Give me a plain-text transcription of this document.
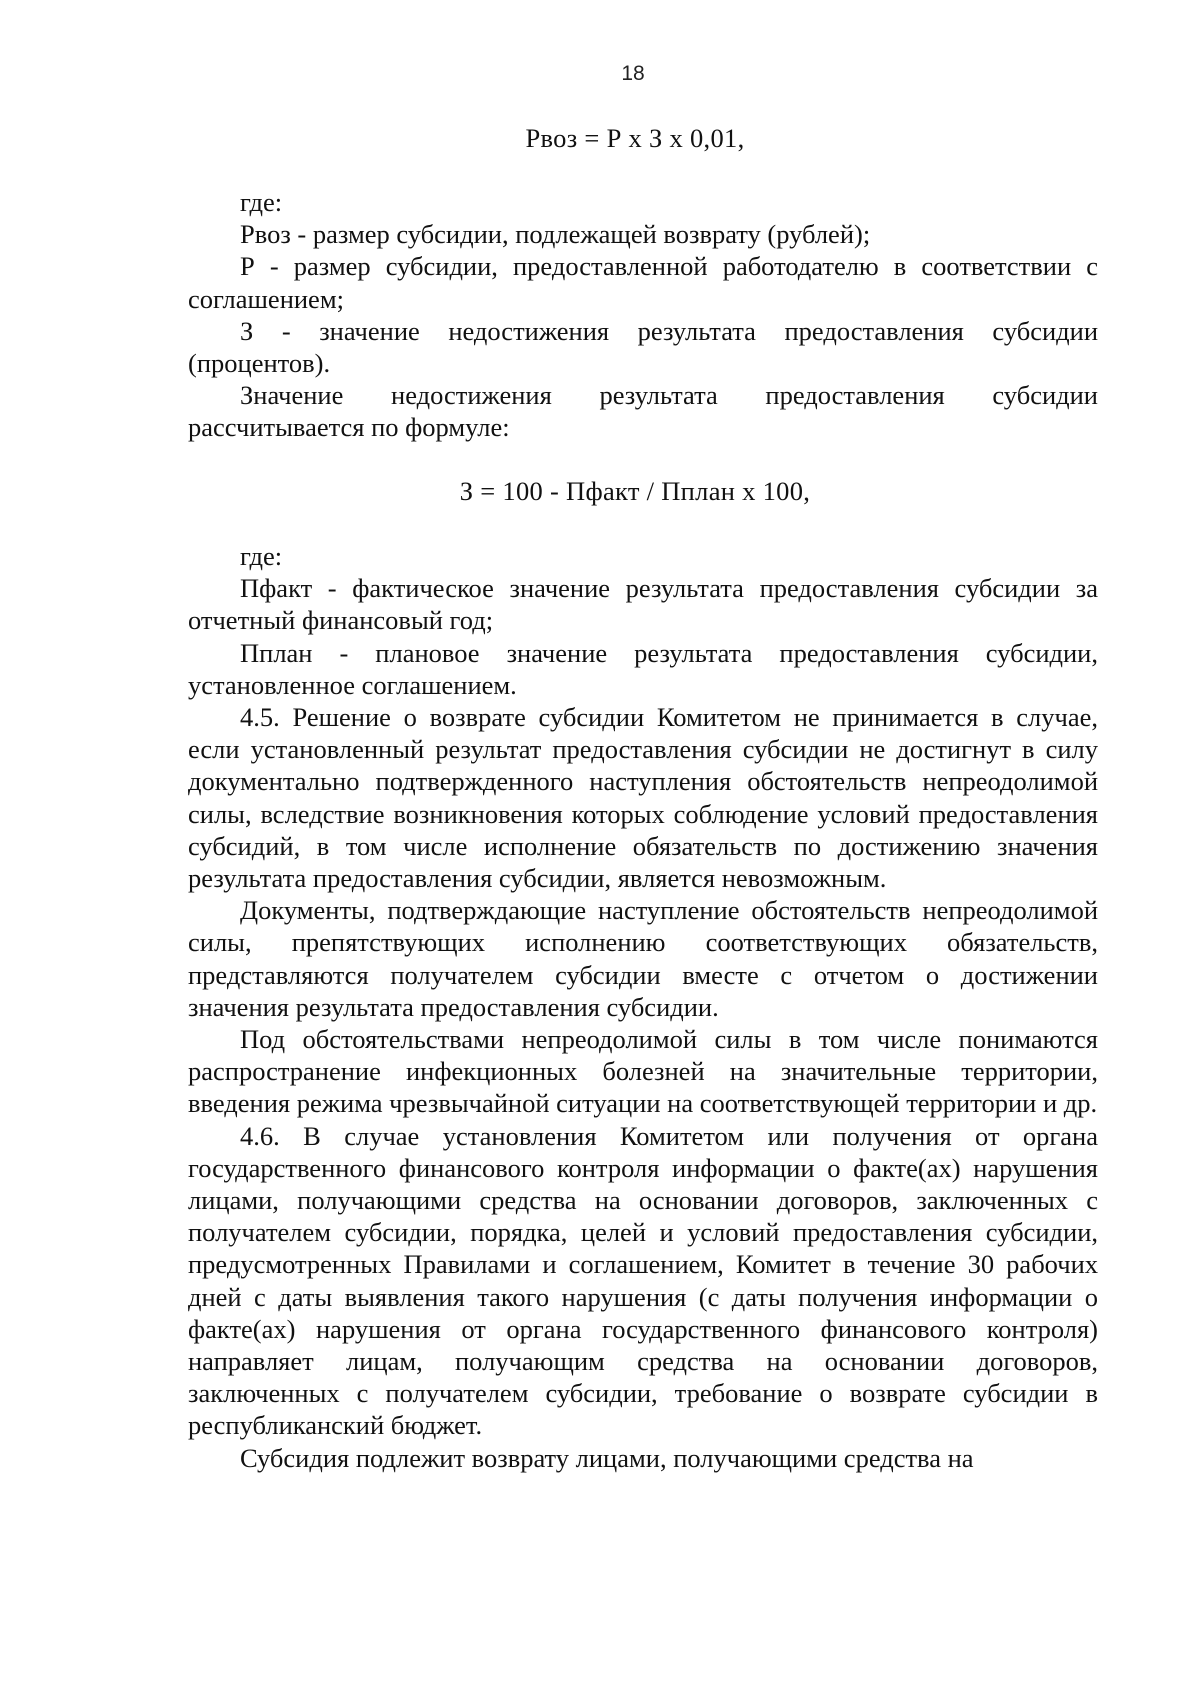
18
Рвоз = Р х З х 0,01,

где:

Рвоз - размер субсидии, подлежащей возврату (рублей);

Р - размер субсидии, предоставленной работодателю в соответствии с соглашением;

З - значение недостижения результата предоставления субсидии (процентов).

Значение недостижения результата предоставления субсидии рассчитывается по формуле:

З = 100 - Пфакт / Пплан х 100,

где:

Пфакт - фактическое значение результата предоставления субсидии за отчетный финансовый год;

Пплан - плановое значение результата предоставления субсидии, установленное соглашением.

4.5. Решение о возврате субсидии Комитетом не принимается в случае, если установленный результат предоставления субсидии не достигнут в силу документально подтвержденного наступления обстоятельств непреодолимой силы, вследствие возникновения которых соблюдение условий предоставления субсидий, в том числе исполнение обязательств по достижению значения результата предоставления субсидии, является невозможным.

Документы, подтверждающие наступление обстоятельств непреодолимой силы, препятствующих исполнению соответствующих обязательств, представляются получателем субсидии вместе с отчетом о достижении значения результата предоставления субсидии.

Под обстоятельствами непреодолимой силы в том числе понимаются распространение инфекционных болезней на значительные территории, введения режима чрезвычайной ситуации на соответствующей территории и др.

4.6. В случае установления Комитетом или получения от органа государственного финансового контроля информации о факте(ах) нарушения лицами, получающими средства на основании договоров, заключенных с получателем субсидии, порядка, целей и условий предоставления субсидии, предусмотренных Правилами и соглашением, Комитет в течение 30 рабочих дней с даты выявления такого нарушения (с даты получения информации о факте(ах) нарушения от органа государственного финансового контроля) направляет лицам, получающим средства на основании договоров, заключенных с получателем субсидии, требование о возврате субсидии в республиканский бюджет.

Субсидия подлежит возврату лицами, получающими средства на
